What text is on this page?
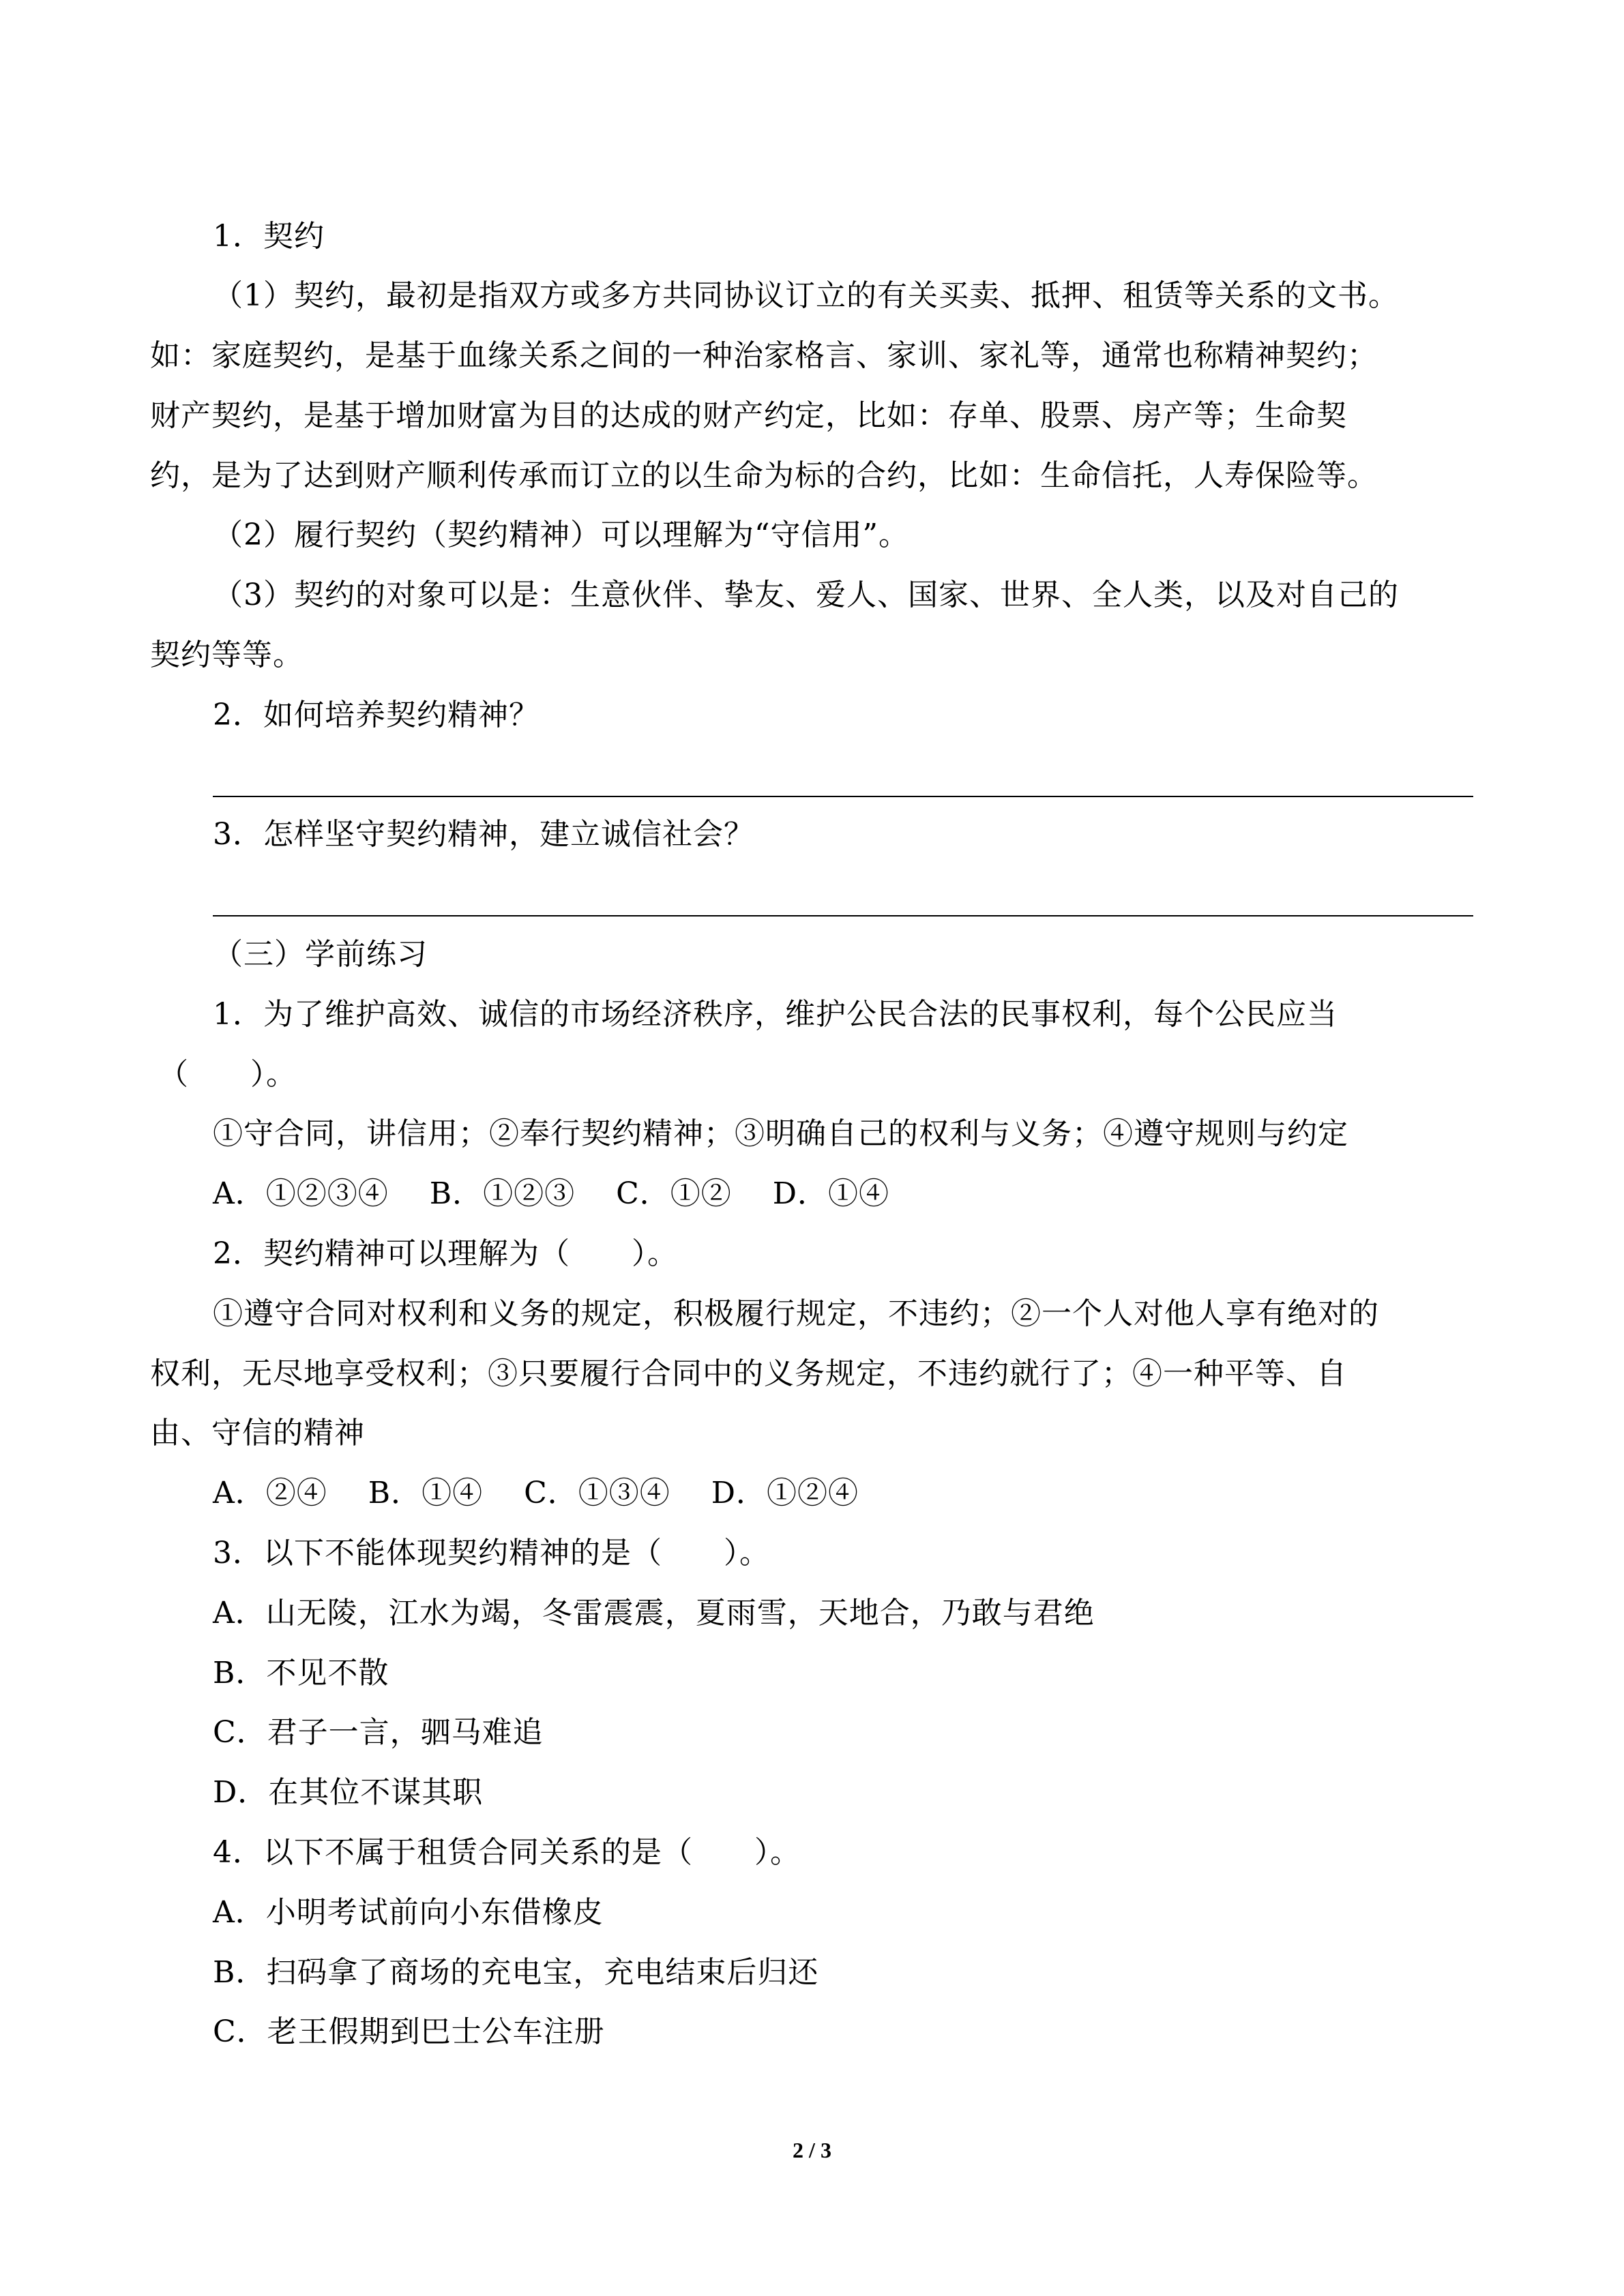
1．契约
（1）契约，最初是指双方或多方共同协议订立的有关买卖、抵押、租赁等关系的文书。
如：家庭契约，是基于血缘关系之间的一种治家格言、家训、家礼等，通常也称精神契约；
财产契约，是基于增加财富为目的达成的财产约定，比如：存单、股票、房产等；生命契
约，是为了达到财产顺利传承而订立的以生命为标的合约，比如：生命信托，人寿保险等。
（2）履行契约（契约精神）可以理解为“守信用”。
（3）契约的对象可以是：生意伙伴、挚友、爱人、国家、世界、全人类，以及对自己的
契约等等。
2．如何培养契约精神？
3．怎样坚守契约精神，建立诚信社会？
（三）学前练习
1．为了维护高效、诚信的市场经济秩序，维护公民合法的民事权利，每个公民应当
（　　）。
①守合同，讲信用；②奉行契约精神；③明确自己的权利与义务；④遵守规则与约定
A．①②③④　 B．①②③　 C．①②　 D．①④
2．契约精神可以理解为（　　）。
①遵守合同对权利和义务的规定，积极履行规定，不违约；②一个人对他人享有绝对的
权利，无尽地享受权利；③只要履行合同中的义务规定，不违约就行了；④一种平等、自
由、守信的精神
A．②④　 B．①④　 C．①③④　 D．①②④
3．以下不能体现契约精神的是（　　）。
A．山无陵，江水为竭，冬雷震震，夏雨雪，天地合，乃敢与君绝
B．不见不散
C．君子一言，驷马难追
D．在其位不谋其职
4．以下不属于租赁合同关系的是（　　）。
A．小明考试前向小东借橡皮
B．扫码拿了商场的充电宝，充电结束后归还
C．老王假期到巴士公车注册
2 / 3
